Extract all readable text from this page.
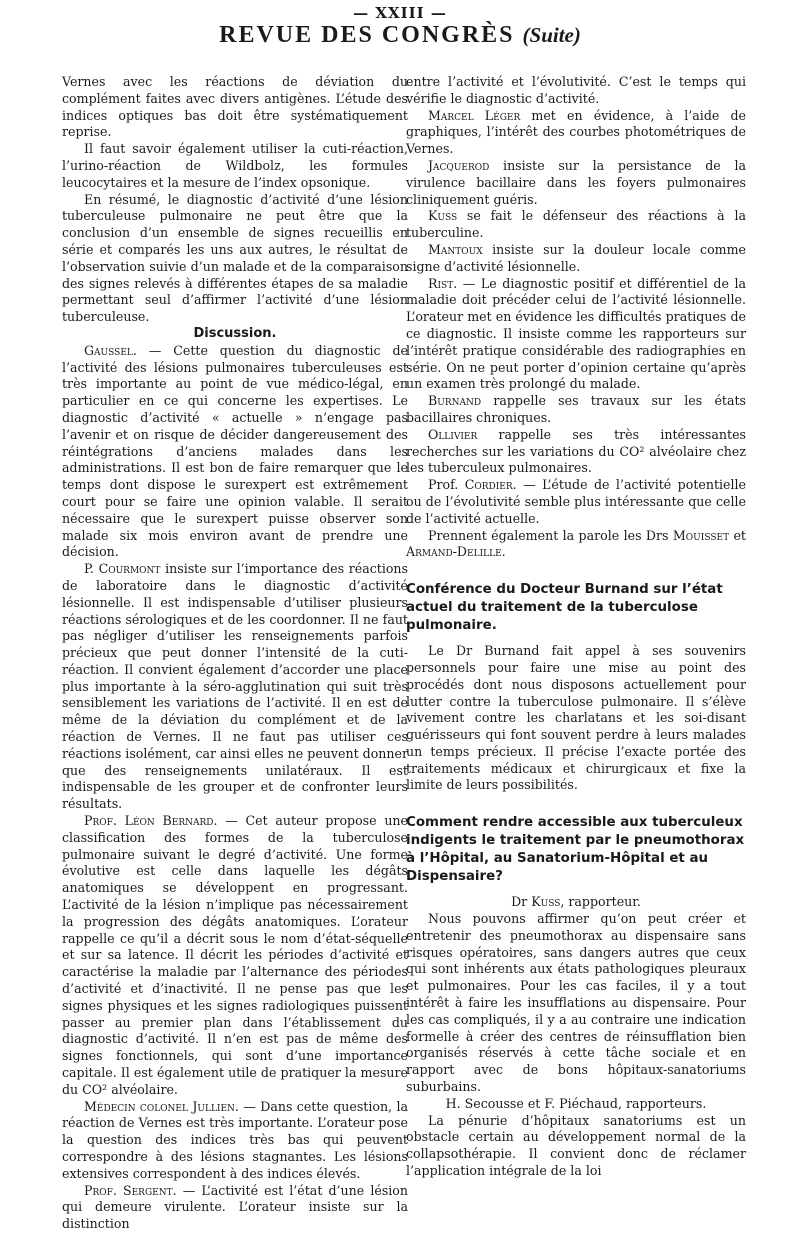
— XXIII —
REVUE DES CONGRÈS (Suite)

Vernes avec les réactions de déviation du complément faites avec divers antigènes. L’étude des indices optiques bas doit être systématiquement reprise.

Il faut savoir également utiliser la cuti-réaction, l’urino-réaction de Wildbolz, les formules leucocytaires et la mesure de l’index opsonique.

En résumé, le diagnostic d’activité d’une lésion tuberculeuse pulmonaire ne peut être que la conclusion d’un ensemble de signes recueillis en série et comparés les uns aux autres, le résultat de l’observation suivie d’un malade et de la comparaison des signes relevés à différentes étapes de sa maladie permettant seul d’affirmer l’activité d’une lésion tuberculeuse.

Discussion.

Gaussel. — Cette question du diagnostic de l’activité des lésions pulmonaires tuberculeuses est très importante au point de vue médico-légal, en particulier en ce qui concerne les expertises. Le diagnostic d’activité « actuelle » n’engage pas l’avenir et on risque de décider dangereusement des réintégrations d’anciens malades dans les administrations. Il est bon de faire remarquer que le temps dont dispose le surexpert est extrêmement court pour se faire une opinion valable. Il serait nécessaire que le surexpert puisse observer son malade six mois environ avant de prendre une décision.

P. Courmont insiste sur l’importance des réactions de laboratoire dans le diagnostic d’activité lésionnelle. Il est indispensable d’utiliser plusieurs réactions sérologiques et de les coordonner. Il ne faut pas négliger d’utiliser les renseignements parfois précieux que peut donner l’intensité de la cuti-réaction. Il convient également d’accorder une place plus importante à la séro-agglutination qui suit très sensiblement les variations de l’activité. Il en est de même de la déviation du complément et de la réaction de Vernes. Il ne faut pas utiliser ces réactions isolément, car ainsi elles ne peuvent donner que des renseignements unilatéraux. Il est indispensable de les grouper et de confronter leurs résultats.

Prof. Léon Bernard. — Cet auteur propose une classification des formes de la tuberculose pulmonaire suivant le degré d’activité. Une forme évolutive est celle dans laquelle les dégâts anatomiques se développent en progressant. L’activité de la lésion n’implique pas nécessairement la progression des dégâts anatomiques. L’orateur rappelle ce qu’il a décrit sous le nom d’état-séquelle et sur sa latence. Il décrit les périodes d’activité et caractérise la maladie par l’alternance des périodes d’activité et d’inactivité. Il ne pense pas que les signes physiques et les signes radiologiques puissent passer au premier plan dans l’établissement du diagnostic d’activité. Il n’en est pas de même des signes fonctionnels, qui sont d’une importance capitale. Il est également utile de pratiquer la mesure du CO² alvéolaire.

Médecin colonel Jullien. — Dans cette question, la réaction de Vernes est très importante. L’orateur pose la question des indices très bas qui peuvent correspondre à des lésions stagnantes. Les lésions extensives correspondent à des indices élevés.

Prof. Sergent. — L’activité est l’état d’une lésion qui demeure virulente. L’orateur insiste sur la distinction

entre l’activité et l’évolutivité. C’est le temps qui vérifie le diagnostic d’activité.

Marcel Léger met en évidence, à l’aide de graphiques, l’intérêt des courbes photométriques de Vernes.

Jacquerod insiste sur la persistance de la virulence bacillaire dans les foyers pulmonaires cliniquement guéris.

Kuss se fait le défenseur des réactions à la tuberculine.

Mantoux insiste sur la douleur locale comme signe d’activité lésionnelle.

Rist. — Le diagnostic positif et différentiel de la maladie doit précéder celui de l’activité lésionnelle. L’orateur met en évidence les difficultés pratiques de ce diagnostic. Il insiste comme les rapporteurs sur l’intérêt pratique considérable des radiographies en série. On ne peut porter d’opinion certaine qu’après un examen très prolongé du malade.

Burnand rappelle ses travaux sur les états bacillaires chroniques.

Ollivier rappelle ses très intéressantes recherches sur les variations du CO² alvéolaire chez les tuberculeux pulmonaires.

Prof. Cordier. — L’étude de l’activité potentielle ou de l’évolutivité semble plus intéressante que celle de l’activité actuelle.

Prennent également la parole les Drs Mouisset et Armand-Delille.

Conférence du Docteur Burnand sur l’état actuel du traitement de la tuberculose pulmonaire.

Le Dr Burnand fait appel à ses souvenirs personnels pour faire une mise au point des procédés dont nous disposons actuellement pour lutter contre la tuberculose pulmonaire. Il s’élève vivement contre les charlatans et les soi-disant guérisseurs qui font souvent perdre à leurs malades un temps précieux. Il précise l’exacte portée des traitements médicaux et chirurgicaux et fixe la limite de leurs possibilités.

Comment rendre accessible aux tuberculeux indigents le traitement par le pneumothorax à l’Hôpital, au Sanatorium-Hôpital et au Dispensaire?

Dr Kuss, rapporteur.

Nous pouvons affirmer qu’on peut créer et entretenir des pneumothorax au dispensaire sans risques opératoires, sans dangers autres que ceux qui sont inhérents aux états pathologiques pleuraux et pulmonaires. Pour les cas faciles, il y a tout intérêt à faire les insufflations au dispensaire. Pour les cas compliqués, il y a au contraire une indication formelle à créer des centres de réinsufflation bien organisés réservés à cette tâche sociale et en rapport avec de bons hôpitaux-sanatoriums suburbains.

H. Secousse et F. Piéchaud, rapporteurs.

La pénurie d’hôpitaux sanatoriums est un obstacle certain au développement normal de la collapsothérapie. Il convient donc de réclamer l’application intégrale de la loi
